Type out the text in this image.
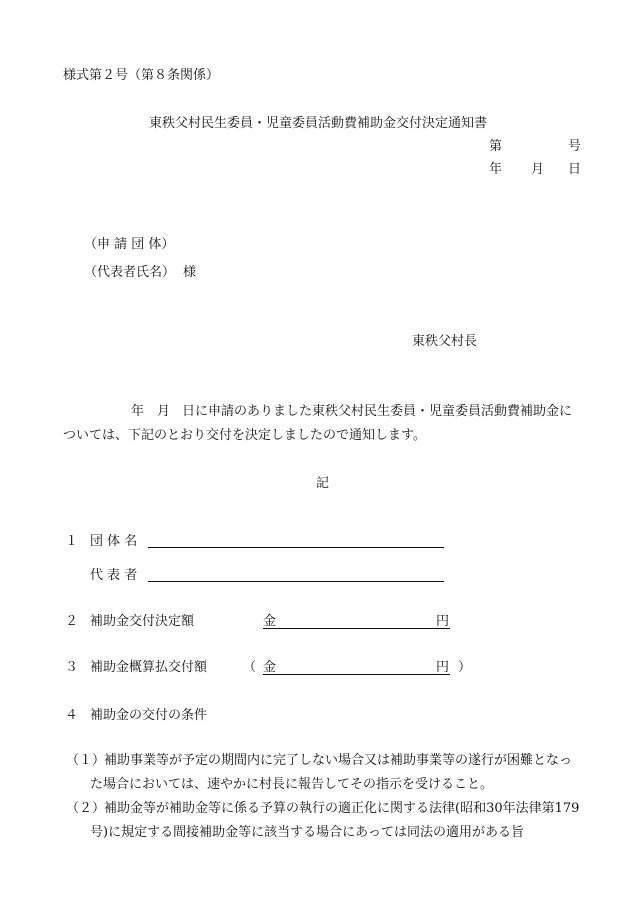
様式第２号（第８条関係）
東秩父村民生委員・児童委員活動費補助金交付決定通知書
第	号
年 月 日
（申 請 団 体）
（代表者氏名） 様
東秩父村長
年 月 日に申請のありました東秩父村民生委員・児童委員活動費補助金に
ついては、下記のとおり交付を決定しましたので通知します。
記
１ 団 体 名
代 表 者
２ 補助金交付決定額	金	円
３ 補助金概算払交付額	（ 金	円 ）
４ 補助金の交付の条件
（１）
補助事業等が予定の期間内に完了しない場合又は補助事業等の遂行が困難となっ
た場合においては、速やかに村長に報告してその指示を受けること。
（２）
補助金等が補助金等に係る予算の執行の適正化に関する法律(昭和30年法律第179
号)に規定する間接補助金等に該当する場合にあっては同法の適用がある旨
